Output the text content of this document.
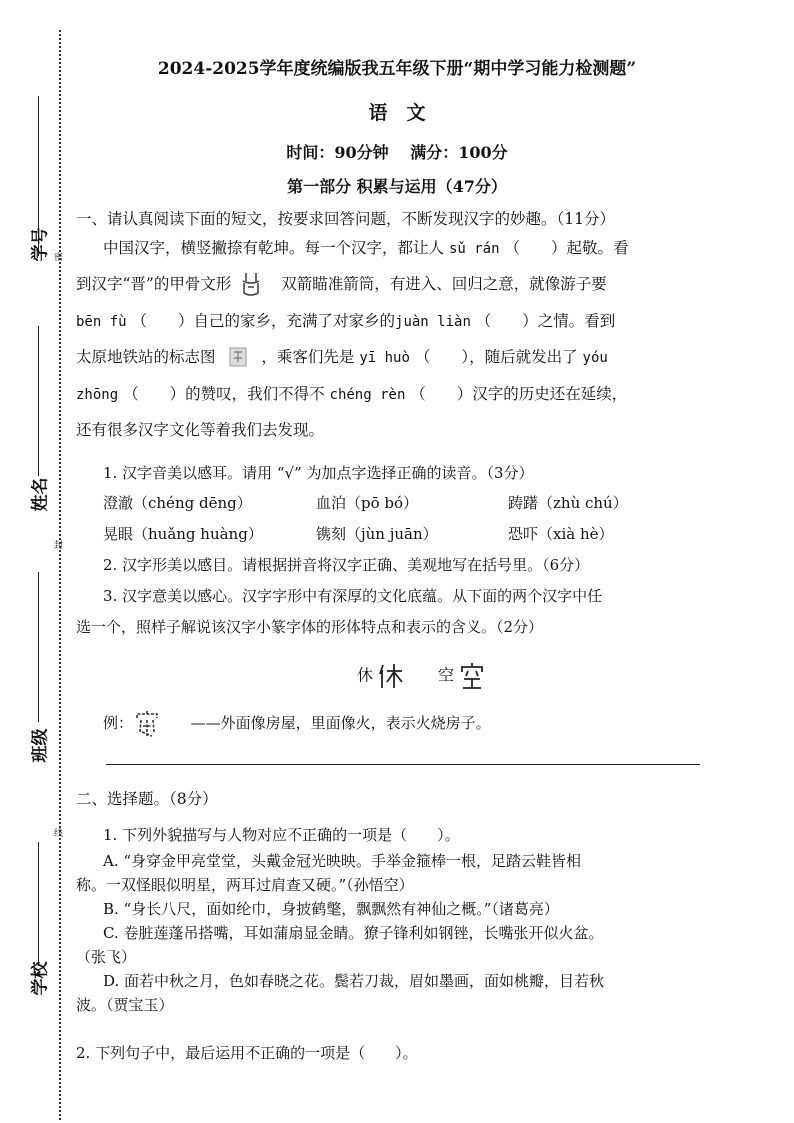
学号
姓名
班级
学校
密
封
线
2024-2025学年度统编版我五年级下册“期中学习能力检测题”
语　文
时间：90分钟　 满分：100分
第一部分 积累与运用（47分）
一、请认真阅读下面的短文，按要求回答问题，不断发现汉字的妙趣。（11分）
中国汉字，横竖撇捺有乾坤。每一个汉字，都让人 sǔ rán （　　）起敬。看
到汉字“晋”的甲骨文形	双箭瞄准箭筒，有进入、回归之意，就像游子要
bēn fù （　　）自己的家乡，充满了对家乡的juàn liàn （　　）之情。看到
太原地铁站的标志图	，乘客们先是 yī huò （　　），随后就发出了 yóu
zhōng （　　）的赞叹，我们不得不 chéng rèn （　　）汉字的历史还在延续，
还有很多汉字文化等着我们去发现。
1. 汉字音美以感耳。请用 “√” 为加点字选择正确的读音。（3分）
澄澈（chéng dēng）	血泊（pō bó）	踌躇（zhù chú）
晃眼（huǎng huàng）	镌刻（jùn juān）	恐吓（xià hè）
2. 汉字形美以感目。请根据拼音将汉字正确、美观地写在括号里。（6分）
3. 汉字意美以感心。汉字字形中有深厚的文化底蕴。从下面的两个汉字中任
选一个，照样子解说该汉字小篆字体的形体特点和表示的含义。（2分）
休	空
例：	——外面像房屋，里面像火，表示火烧房子。
二、选择题。（8分）
1. 下列外貌描写与人物对应不正确的一项是（　　）。
A. “身穿金甲亮堂堂，头戴金冠光映映。手举金箍棒一根，足踏云鞋皆相
称。一双怪眼似明星，两耳过肩查又硬。”（孙悟空）
B. “身长八尺，面如纶巾，身披鹤氅，飘飘然有神仙之概。”（诸葛亮）
C. 卷脏莲蓬吊搭嘴，耳如蒲扇显金睛。獠子锋利如钢锉，长嘴张开似火盆。
（张飞）
D. 面若中秋之月，色如春晓之花。鬓若刀裁，眉如墨画，面如桃瓣，目若秋
波。（贾宝玉）
2. 下列句子中，最后运用不正确的一项是（　　）。
